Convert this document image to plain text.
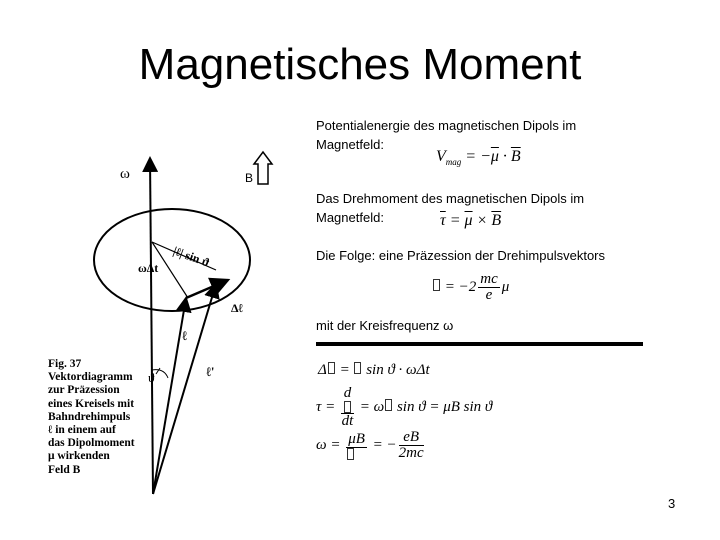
Magnetisches Moment
ω	B
|ℓ| sin ϑ
ωΔt
Δℓ
ℓ
ϑ	ℓ'
Fig. 37
Vektordiagramm
zur Präzession
eines Kreisels mit
Bahndrehimpuls
ℓ in einem auf
das Dipolmoment
μ wirkenden
Feld B
Potentialenergie des magnetischen Dipols im Magnetfeld:
$V_{mag} = -\overline{\mu} \cdot \overline{B}$
Das Drehmoment des magnetischen Dipols im Magnetfeld:	$\overline{\tau} = \overline{\mu} \times \overline{B}$
Die Folge: eine Präzession der Drehimpulsvektors
= $-2 \frac{mc}{e}$ μ
mit der Kreisfrequenz ω
Δ =  sin ϑ · ωΔt
$\tau = \frac{d}{dt} = \omega$ sin ϑ = μB sin ϑ
ω = μB = − $\frac{eB}{2mc}$
3
